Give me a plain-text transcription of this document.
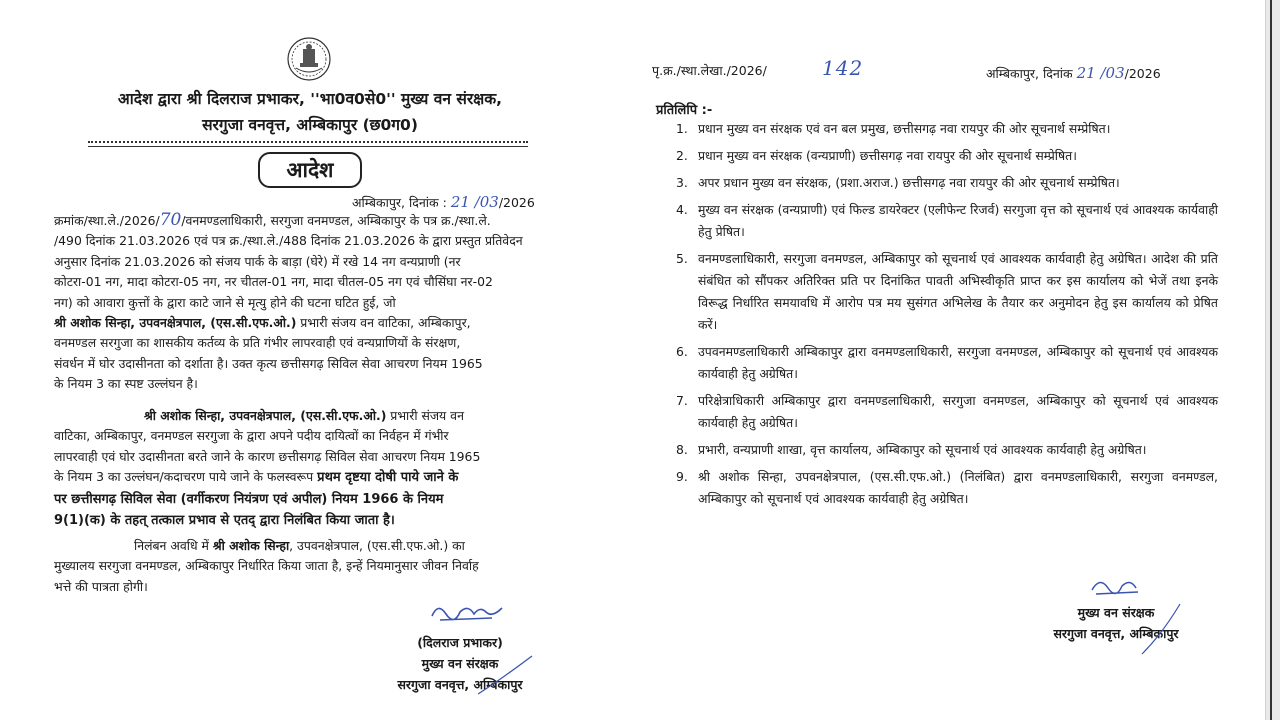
आदेश द्वारा श्री दिलराज प्रभाकर, ''भा0व0से0'' मुख्य वन संरक्षक,
सरगुजा वनवृत्त, अम्बिकापुर (छ0ग0)
आदेश
अम्बिकापुर, दिनांक : 21 /03/2026
क्रमांक/स्था.ले./2026/70/वनमण्डलाधिकारी, सरगुजा वनमण्डल, अम्बिकापुर के पत्र क्र./स्था.ले.
/490 दिनांक 21.03.2026 एवं पत्र क्र./स्था.ले./488 दिनांक 21.03.2026 के द्वारा प्रस्तुत प्रतिवेदन
अनुसार दिनांक 21.03.2026 को संजय पार्क के बाड़ा (घेरे) में रखे 14 नग वन्यप्राणी (नर
कोटरा-01 नग, मादा कोटरा-05 नग, नर चीतल-01 नग, मादा चीतल-05 नग एवं चौसिंघा नर-02
नग) को आवारा कुत्तों के द्वारा काटे जाने से मृत्यु होने की घटना घटित हुई, जो
श्री अशोक सिन्हा, उपवनक्षेत्रपाल, (एस.सी.एफ.ओ.) प्रभारी संजय वन वाटिका, अम्बिकापुर,
वनमण्डल सरगुजा का शासकीय कर्तव्य के प्रति गंभीर लापरवाही एवं वन्यप्राणियों के संरक्षण,
संवर्धन में घोर उदासीनता को दर्शाता है। उक्त कृत्य छत्तीसगढ़ सिविल सेवा आचरण नियम 1965
के नियम 3 का स्पष्ट उल्लंघन है।
श्री अशोक सिन्हा, उपवनक्षेत्रपाल, (एस.सी.एफ.ओ.) प्रभारी संजय वन
वाटिका, अम्बिकापुर, वनमण्डल सरगुजा के द्वारा अपने पदीय दायित्वों का निर्वहन में गंभीर
लापरवाही एवं घोर उदासीनता बरते जाने के कारण छत्तीसगढ़ सिविल सेवा आचरण नियम 1965
के नियम 3 का उल्लंघन/कदाचरण पाये जाने के फलस्वरूप प्रथम दृष्टया दोषी पाये जाने के
पर छत्तीसगढ़ सिविल सेवा (वर्गीकरण नियंत्रण एवं अपील) नियम 1966 के नियम
9(1)(क) के तहत् तत्काल प्रभाव से एतद् द्वारा निलंबित किया जाता है।
निलंबन अवधि में श्री अशोक सिन्हा, उपवनक्षेत्रपाल, (एस.सी.एफ.ओ.) का
मुख्यालय सरगुजा वनमण्डल, अम्बिकापुर निर्धारित किया जाता है, इन्हें नियमानुसार जीवन निर्वाह
भत्ते की पात्रता होगी।
(दिलराज प्रभाकर)
मुख्य वन संरक्षक
सरगुजा वनवृत्त, अम्बिकापुर
पृ.क्र./स्था.लेखा./2026/	142	अम्बिकापुर, दिनांक 21 /03/2026
प्रतिलिपि :-
1. प्रधान मुख्य वन संरक्षक एवं वन बल प्रमुख, छत्तीसगढ़ नवा रायपुर की ओर सूचनार्थ सम्प्रेषित।
2. प्रधान मुख्य वन संरक्षक (वन्यप्राणी) छत्तीसगढ़ नवा रायपुर की ओर सूचनार्थ सम्प्रेषित।
3. अपर प्रधान मुख्य वन संरक्षक, (प्रशा.अराज.) छत्तीसगढ़ नवा रायपुर की ओर सूचनार्थ सम्प्रेषित।
4. मुख्य वन संरक्षक (वन्यप्राणी) एवं फिल्ड डायरेक्टर (एलीफेन्ट रिजर्व) सरगुजा वृत्त को सूचनार्थ एवं आवश्यक कार्यवाही हेतु प्रेषित।
5. वनमण्डलाधिकारी, सरगुजा वनमण्डल, अम्बिकापुर को सूचनार्थ एवं आवश्यक कार्यवाही हेतु अग्रेषित। आदेश की प्रति संबंधित को सौंपकर अतिरिक्त प्रति पर दिनांकित पावती अभिस्वीकृति प्राप्त कर इस कार्यालय को भेजें तथा इनके विरूद्ध निर्धारित समयावधि में आरोप पत्र मय सुसंगत अभिलेख के तैयार कर अनुमोदन हेतु इस कार्यालय को प्रेषित करें।
6. उपवनमण्डलाधिकारी अम्बिकापुर द्वारा वनमण्डलाधिकारी, सरगुजा वनमण्डल, अम्बिकापुर को सूचनार्थ एवं आवश्यक कार्यवाही हेतु अग्रेषित।
7. परिक्षेत्राधिकारी अम्बिकापुर द्वारा वनमण्डलाधिकारी, सरगुजा वनमण्डल, अम्बिकापुर को सूचनार्थ एवं आवश्यक कार्यवाही हेतु अग्रेषित।
8. प्रभारी, वन्यप्राणी शाखा, वृत्त कार्यालय, अम्बिकापुर को सूचनार्थ एवं आवश्यक कार्यवाही हेतु अग्रेषित।
9. श्री अशोक सिन्हा, उपवनक्षेत्रपाल, (एस.सी.एफ.ओ.) (निलंबित) द्वारा वनमण्डलाधिकारी, सरगुजा वनमण्डल, अम्बिकापुर को सूचनार्थ एवं आवश्यक कार्यवाही हेतु अग्रेषित।
मुख्य वन संरक्षक
सरगुजा वनवृत्त, अम्बिकापुर
